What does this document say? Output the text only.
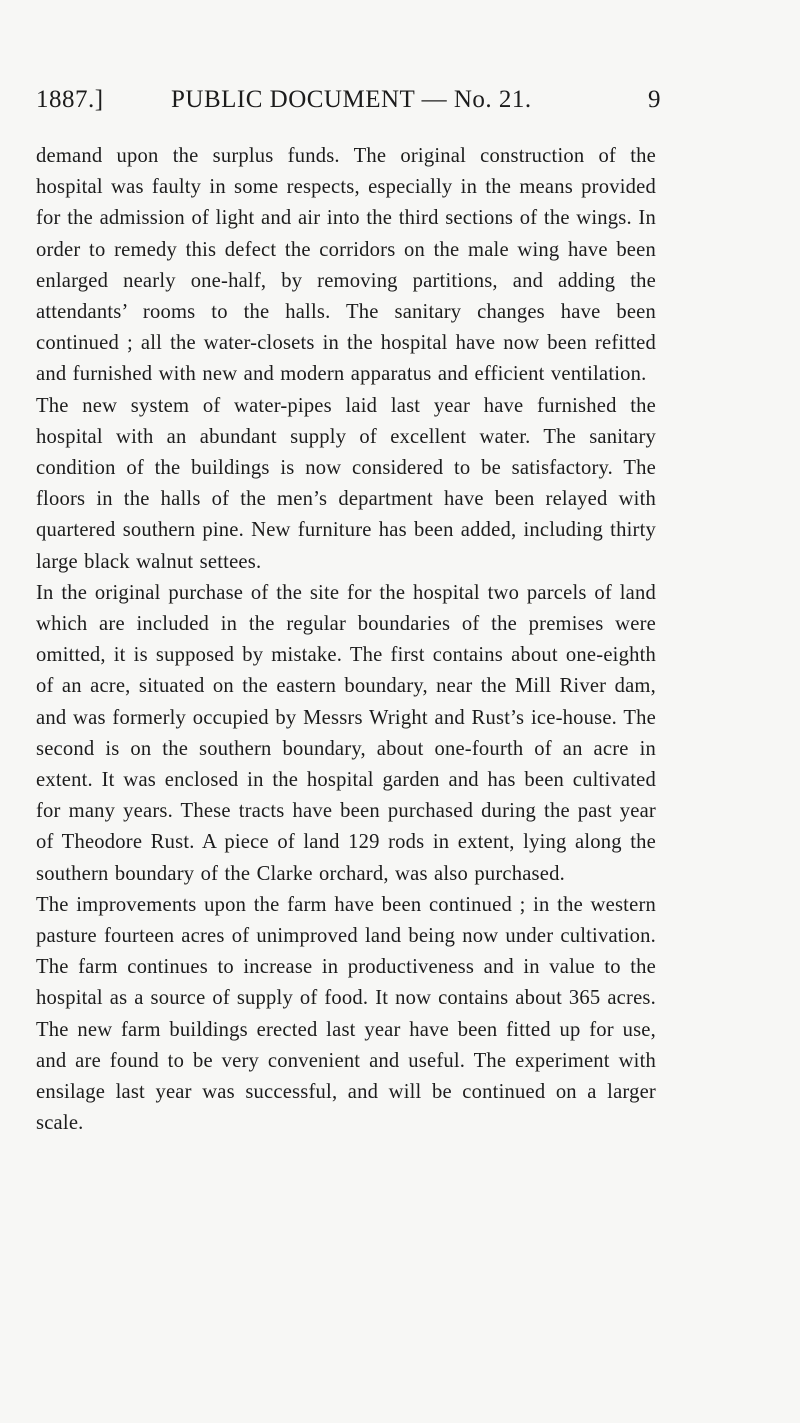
1887.]	PUBLIC DOCUMENT — No. 21.	9

demand upon the surplus funds. The original construction of the hospital was faulty in some respects, especially in the means provided for the admission of light and air into the third sections of the wings. In order to remedy this defect the corridors on the male wing have been enlarged nearly one-half, by removing partitions, and adding the attendants’ rooms to the halls. The sanitary changes have been continued ; all the water-closets in the hospital have now been refitted and furnished with new and modern apparatus and efficient ventilation.

The new system of water-pipes laid last year have furnished the hospital with an abundant supply of excellent water. The sanitary condition of the buildings is now considered to be satisfactory. The floors in the halls of the men’s department have been relayed with quartered southern pine. New furniture has been added, including thirty large black walnut settees.

In the original purchase of the site for the hospital two parcels of land which are included in the regular boundaries of the premises were omitted, it is supposed by mistake. The first contains about one-eighth of an acre, situated on the eastern boundary, near the Mill River dam, and was formerly occupied by Messrs Wright and Rust’s ice-house. The second is on the southern boundary, about one-fourth of an acre in extent. It was enclosed in the hospital garden and has been cultivated for many years. These tracts have been purchased during the past year of Theodore Rust. A piece of land 129 rods in extent, lying along the southern boundary of the Clarke orchard, was also purchased.

The improvements upon the farm have been continued ; in the western pasture fourteen acres of unimproved land being now under cultivation. The farm continues to increase in productiveness and in value to the hospital as a source of supply of food. It now contains about 365 acres. The new farm buildings erected last year have been fitted up for use, and are found to be very convenient and useful. The experiment with ensilage last year was successful, and will be continued on a larger scale.
